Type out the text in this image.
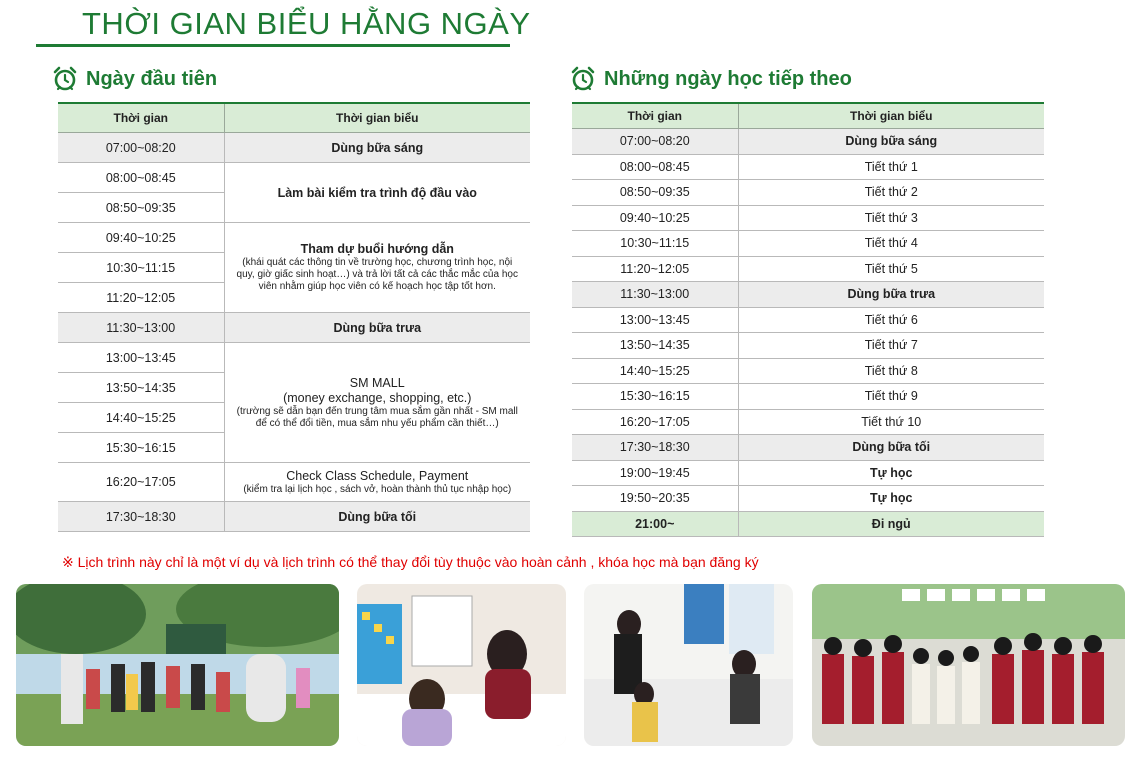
THỜI GIAN BIỂU HẰNG NGÀY
Ngày đầu tiên
Thời gian	Thời gian biểu
07:00~08:20	Dùng bữa sáng
08:00~08:45	Làm bài kiểm tra trình độ đầu vào
08:50~09:35	
09:40~10:25	Tham dự buổi hướng dẫn
(khái quát các thông tin về trường học, chương trình học, nội quy, giờ giấc sinh hoạt…) và trả lời tất cả các thắc mắc của học viên nhằm giúp học viên có kế hoạch học tập tốt hơn.

10:30~11:15	
11:20~12:05	
11:30~13:00	Dùng bữa trưa
13:00~13:45	SM MALL
(money exchange, shopping, etc.)
(trường sẽ dẫn bạn đến trung tâm mua sắm gần nhất - SM mall để có thể đổi tiền, mua sắm nhu yếu phẩm cần thiết…)

13:50~14:35	
14:40~15:25	
15:30~16:15	
16:20~17:05	Check Class Schedule, Payment
(kiểm tra lại lịch học , sách vở, hoàn thành thủ tục nhập học)

17:30~18:30	Dùng bữa tối
Những ngày học tiếp theo
Thời gian	Thời gian biểu
07:00~08:20	Dùng bữa sáng
08:00~08:45	Tiết thứ 1
08:50~09:35	Tiết thứ 2
09:40~10:25	Tiết thứ 3
10:30~11:15	Tiết thứ 4
11:20~12:05	Tiết thứ 5
11:30~13:00	Dùng bữa trưa
13:00~13:45	Tiết thứ 6
13:50~14:35	Tiết thứ 7
14:40~15:25	Tiết thứ 8
15:30~16:15	Tiết thứ 9
16:20~17:05	Tiết thứ 10
17:30~18:30	Dùng bữa tối
19:00~19:45	Tự học
19:50~20:35	Tự học
21:00~	Đi ngủ
※ Lịch trình này chỉ là một ví dụ và lịch trình có thể thay đổi tùy thuộc vào hoàn cảnh , khóa học mà bạn đăng ký
